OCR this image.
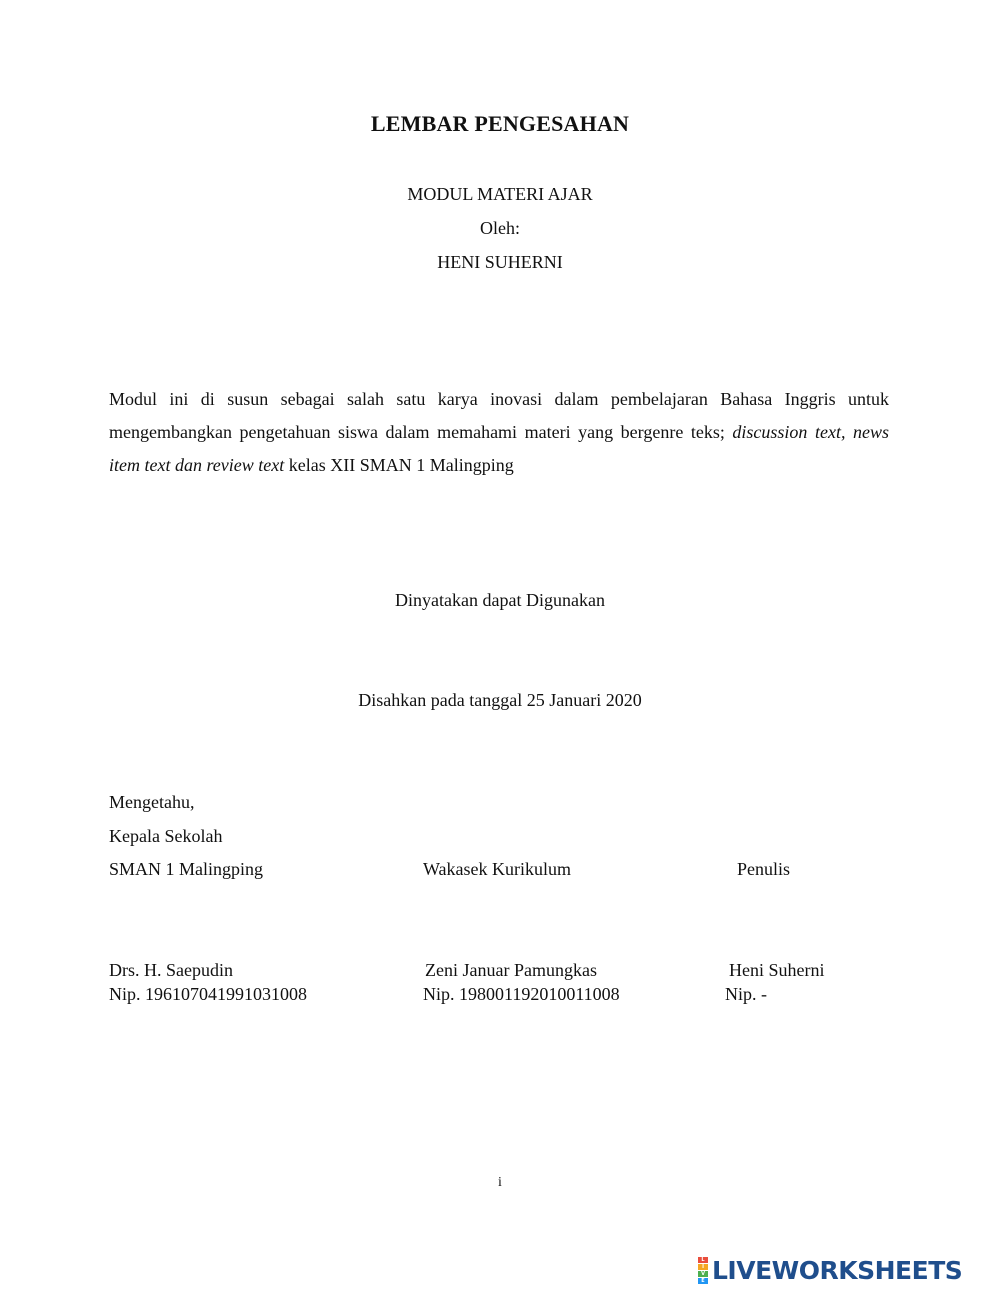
LEMBAR PENGESAHAN
MODUL MATERI AJAR
Oleh:
HENI SUHERNI
Modul ini di susun sebagai salah satu karya inovasi dalam pembelajaran Bahasa Inggris untuk mengembangkan pengetahuan siswa dalam memahami materi yang bergenre teks; discussion text, news item text dan review text kelas XII SMAN 1 Malingping
Dinyatakan dapat Digunakan
Disahkan pada tanggal 25 Januari 2020
Mengetahu,
Kepala Sekolah
SMAN 1 Malingping	Wakasek Kurikulum	Penulis
Drs. H. Saepudin	Zeni Januar Pamungkas	Heni Suherni
Nip. 196107041991031008	Nip. 198001192010011008	Nip. -
i
L
I
V
E LIVEWORKSHEETS
